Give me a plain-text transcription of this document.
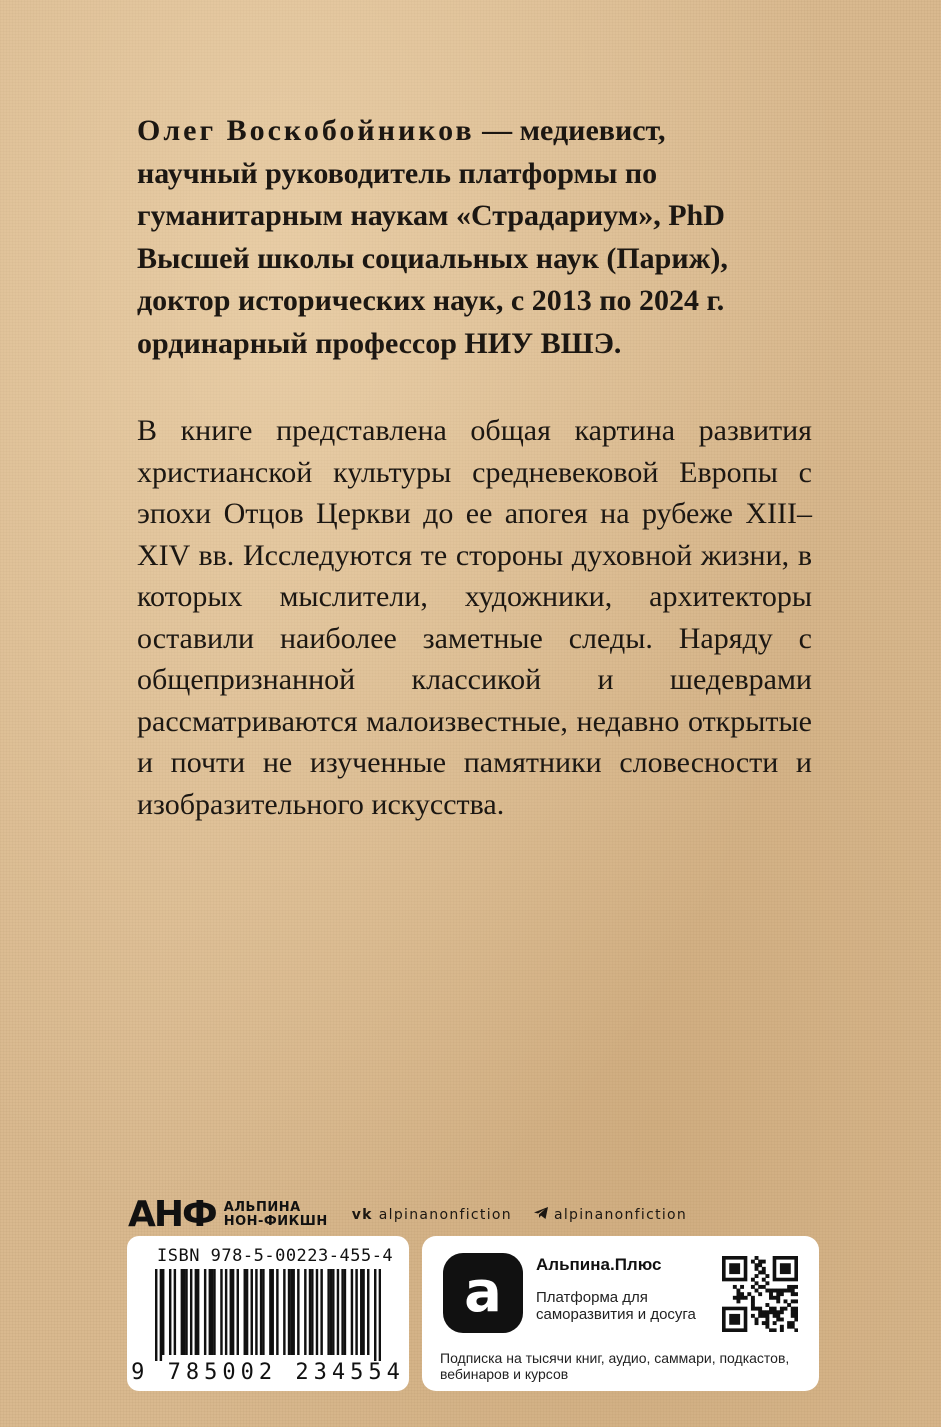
Олег Воскобойников — медиевист, научный руководитель платформы по гуманитарным наукам «Страдариум», PhD Высшей школы социальных наук (Париж), доктор исторических наук, с 2013 по 2024 г. ординарный профессор НИУ ВШЭ.

В книге представлена общая картина развития христианской культуры средневековой Европы с эпохи Отцов Церкви до ее апогея на рубеже XIII–XIV вв. Исследуются те стороны духовной жизни, в которых мыслители, художники, архитекторы оставили наиболее заметные следы. Наряду с общепризнанной классикой и шедеврами рассматриваются малоизвестные, недавно открытые и почти не изученные памятники словесности и изобразительного искусства.

АНФ АЛЬПИНА
НОН-ФИКШН vk alpinanonfiction	alpinanonfiction
ISBN 978-5-00223-455-4
9 785002 234554
a	Альпина.Плюс
Платформа для саморазвития и досуга
Подписка на тысячи книг, аудио, саммари, подкастов, вебинаров и курсов
